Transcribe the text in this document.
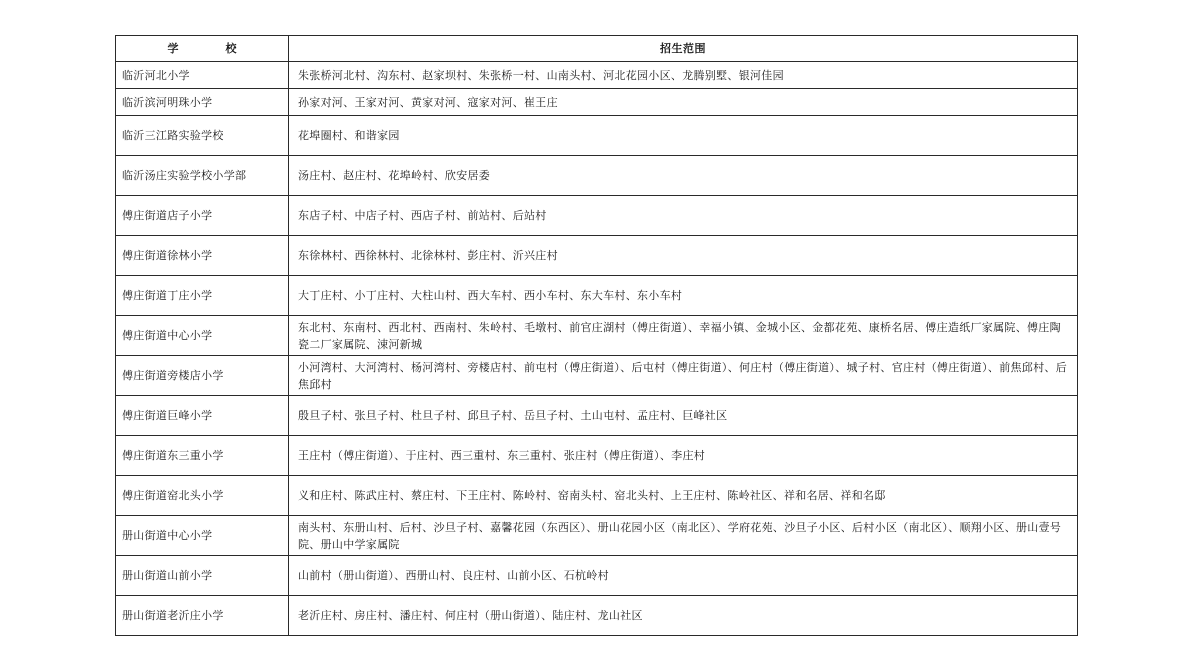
学　校	招生范围
临沂河北小学	朱张桥河北村、沟东村、赵家坝村、朱张桥一村、山南头村、河北花园小区、龙腾别墅、银河佳园
临沂滨河明珠小学	孙家对河、王家对河、黄家对河、寇家对河、崔王庄
临沂三江路实验学校	花埠圈村、和谐家园
临沂汤庄实验学校小学部	汤庄村、赵庄村、花埠岭村、欣安居委
傅庄街道店子小学	东店子村、中店子村、西店子村、前站村、后站村
傅庄街道徐林小学	东徐林村、西徐林村、北徐林村、彭庄村、沂兴庄村
傅庄街道丁庄小学	大丁庄村、小丁庄村、大柱山村、西大车村、西小车村、东大车村、东小车村
傅庄街道中心小学	东北村、东南村、西北村、西南村、朱岭村、毛墩村、前官庄湖村（傅庄街道）、幸福小镇、金城小区、金都花苑、康桥名居、傅庄造纸厂家属院、傅庄陶瓷二厂家属院、涑河新城
傅庄街道旁楼店小学	小河湾村、大河湾村、杨河湾村、旁楼店村、前屯村（傅庄街道）、后屯村（傅庄街道）、何庄村（傅庄街道）、城子村、官庄村（傅庄街道）、前焦邱村、后焦邱村
傅庄街道巨峰小学	殷旦子村、张旦子村、杜旦子村、邱旦子村、岳旦子村、土山屯村、孟庄村、巨峰社区
傅庄街道东三重小学	王庄村（傅庄街道）、于庄村、西三重村、东三重村、张庄村（傅庄街道）、李庄村
傅庄街道窑北头小学	义和庄村、陈武庄村、蔡庄村、下王庄村、陈岭村、窑南头村、窑北头村、上王庄村、陈岭社区、祥和名居、祥和名邸
册山街道中心小学	南头村、东册山村、后村、沙旦子村、嘉馨花园（东西区）、册山花园小区（南北区）、学府花苑、沙旦子小区、后村小区（南北区）、顺翔小区、册山壹号院、册山中学家属院
册山街道山前小学	山前村（册山街道）、西册山村、良庄村、山前小区、石杭岭村
册山街道老沂庄小学	老沂庄村、房庄村、潘庄村、何庄村（册山街道）、陆庄村、龙山社区
